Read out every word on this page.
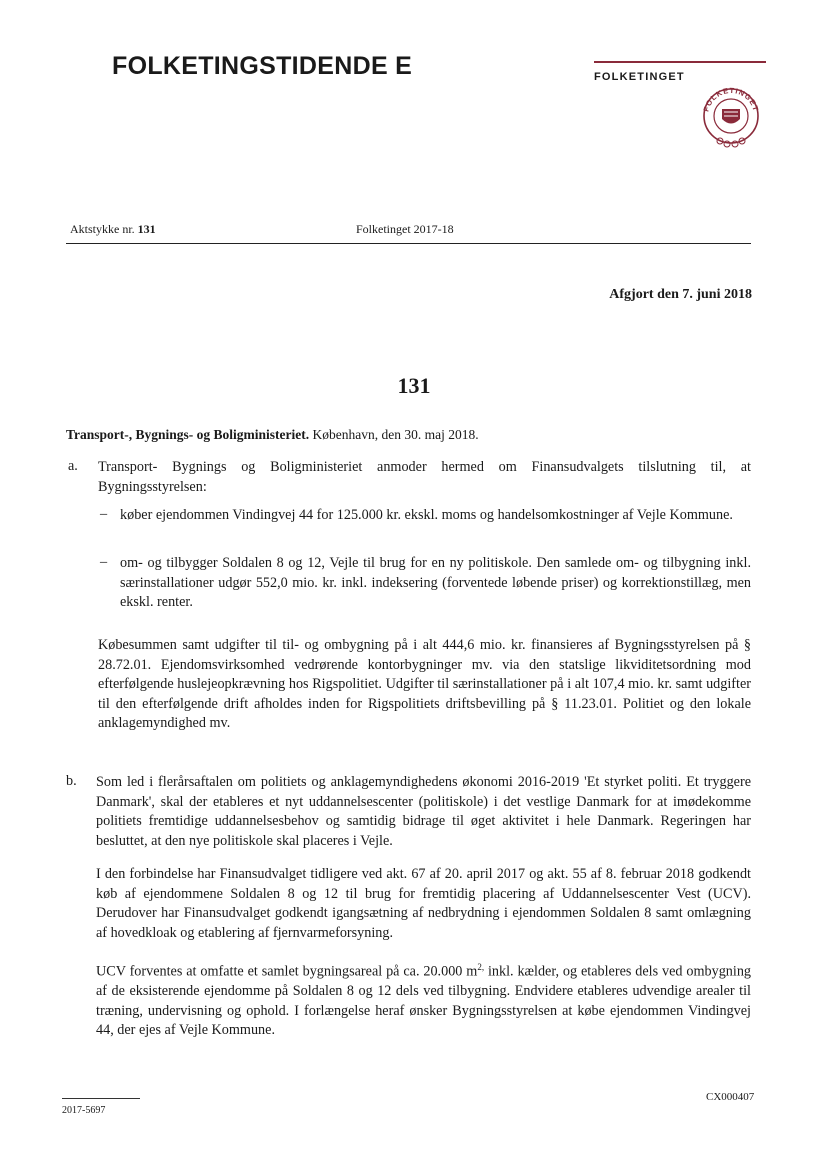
FOLKETINGSTIDENDE E	FOLKETINGET
FOLKETINGET
Aktstykke nr. 131	Folketinget 2017-18
Afgjort den 7. juni 2018
131
Transport-, Bygnings- og Boligministeriet. København, den 30. maj 2018.
a. Transport- Bygnings og Boligministeriet anmoder hermed om Finansudvalgets tilslutning til, at Bygningsstyrelsen:
– køber ejendommen Vindingvej 44 for 125.000 kr. ekskl. moms og handelsomkostninger af Vejle Kommune.
– om- og tilbygger Soldalen 8 og 12, Vejle til brug for en ny politiskole. Den samlede om- og tilbygning inkl. særinstallationer udgør 552,0 mio. kr. inkl. indeksering (forventede løbende priser) og korrektionstillæg, men ekskl. renter.
Købesummen samt udgifter til til- og ombygning på i alt 444,6 mio. kr. finansieres af Bygningsstyrelsen på § 28.72.01. Ejendomsvirksomhed vedrørende kontorbygninger mv. via den statslige likviditetsordning mod efterfølgende huslejeopkrævning hos Rigspolitiet. Udgifter til særinstallationer på i alt 107,4 mio. kr. samt udgifter til den efterfølgende drift afholdes inden for Rigspolitiets driftsbevilling på § 11.23.01. Politiet og den lokale anklagemyndighed mv.
b. Som led i flerårsaftalen om politiets og anklagemyndighedens økonomi 2016-2019 'Et styrket politi. Et tryggere Danmark', skal der etableres et nyt uddannelsescenter (politiskole) i det vestlige Danmark for at imødekomme politiets fremtidige uddannelsesbehov og samtidig bidrage til øget aktivitet i hele Danmark. Regeringen har besluttet, at den nye politiskole skal placeres i Vejle.
I den forbindelse har Finansudvalget tidligere ved akt. 67 af 20. april 2017 og akt. 55 af 8. februar 2018 godkendt køb af ejendommene Soldalen 8 og 12 til brug for fremtidig placering af Uddannelsescenter Vest (UCV). Derudover har Finansudvalget godkendt igangsætning af nedbrydning i ejendommen Soldalen 8 samt omlægning af hovedkloak og etablering af fjernvarmeforsyning.
UCV forventes at omfatte et samlet bygningsareal på ca. 20.000 $m^{2,}$ inkl. kælder, og etableres dels ved ombygning af de eksisterende ejendomme på Soldalen 8 og 12 dels ved tilbygning. Endvidere etableres udvendige arealer til træning, undervisning og ophold. I forlængelse heraf ønsker Bygningsstyrelsen at købe ejendommen Vindingvej 44, der ejes af Vejle Kommune.
2017-5697
CX000407
